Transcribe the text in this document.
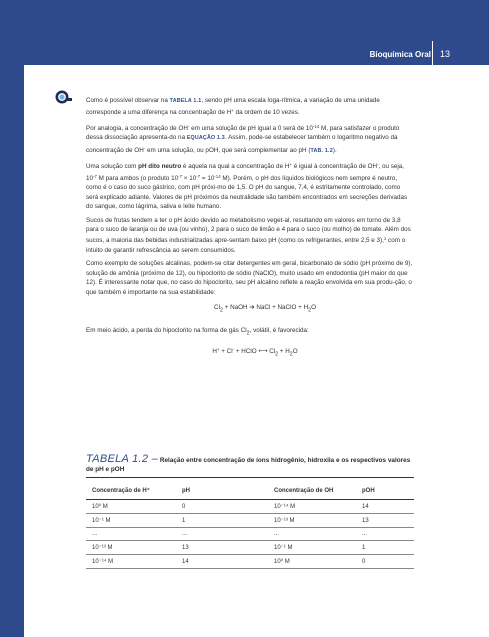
Bioquímica Oral 13

Como é possível observar na TABELA 1.1, sendo pH uma escala loga-rítmica, a variação de uma unidade corresponde a uma diferença na concentração de H+ da ordem de 10 vezes.

Por analogia, a concentração de OH- em uma solução de pH igual a 0 será de $10^{-14}$ M, para satisfazer o produto dessa dissociação apresenta-do na EQUAÇÃO 1.3. Assim, pode-se estabelecer também o logaritmo negativo da concentração de OH- em uma solução, ou pOH, que será complementar ao pH (TAB. 1.2).

Uma solução com pH dito neutro é aquela na qual a concentração de H+ é igual à concentração de OH-, ou seja, $10^{-7}$ M para ambos (o produto $10^{-7} \times 10^{-7} = 10^{-14}$ M). Porém, o pH dos líquidos biológicos nem sempre é neutro, como é o caso do suco gástrico, com pH próxi-mo de 1,5. O pH do sangue, 7,4, é estritamente controlado, como será explicado adiante. Valores de pH próximos da neutralidade são também encontrados em secreções derivadas do sangue, como lágrima, saliva e leite humano.

Sucos de frutas tendem a ter o pH ácido devido ao metabolismo veget-al, resultando em valores em torno de 3,8 para o suco de laranja ou de uva (ou vinho), 2 para o suco de limão e 4 para o suco (ou molho) de tomate. Além dos sucos, a maioria das bebidas industrializadas apre-sentam baixo pH (como os refrigerantes, entre 2,5 e 3),$^1$ com o intuito de garantir refrescância ao serem consumidos.

Como exemplo de soluções alcalinas, podem-se citar detergentes em geral, bicarbonato de sódio (pH próximo de 9), solução de amônia (próximo de 12), ou hipoclorito de sódio (NaClO), muito usado em endodontia (pH maior do que 12). É interessante notar que, no caso do hipoclorito, seu pH alcalino reflete a reação envolvida em sua produ-ção, o que também é importante na sua estabilidade:

$Cl_2$ + NaOH ➔ NaCl + NaClO + $H_2O$

Em meio ácido, a perda do hipoclorito na forma de gás $Cl_2$, volátil, é favorecida:

H+ + Cl- + HClO ⟷ $Cl_2 + H_2O$
TABELA 1.2 – Relação entre concentração de íons hidrogênio, hidroxila e os respectivos valores de pH e pOH
Concentração de H⁺	pH	Concentração de OH	pOH
10⁰ M	0	10⁻¹⁴ M	14
10⁻¹ M	1	10⁻¹³ M	13
...	...	...	...
10⁻¹³ M	13	10⁻¹ M	1
10⁻¹⁴ M	14	10⁰ M	0
